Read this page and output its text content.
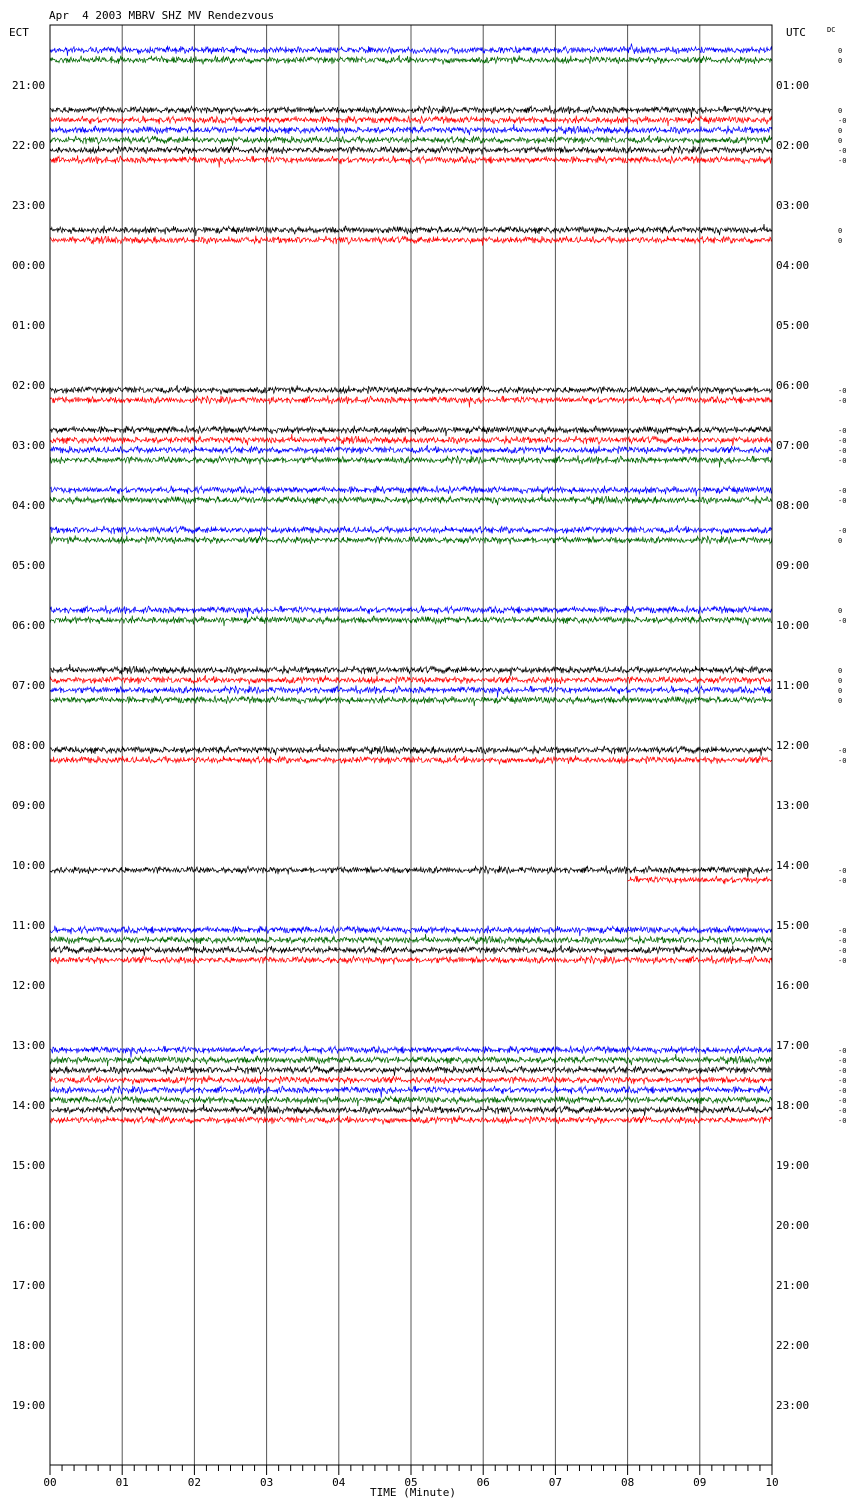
Apr  4 2003 MBRV SHZ MV Rendezvous
0
0
0
-0
0
0
-0
-0
0
0
-0
-0
-0
-0
-0
-0
-0
-0
-0
0
0
-0
0
0
0
0
-0
-0
-0
-0
-0
-0
-0
-0
-0
-0
-0
-0
-0
-0
-0
-0
21:00	01:00
22:00	02:00
23:00	03:00
00:00	04:00
01:00	05:00
02:00	06:00
03:00	07:00
04:00	08:00
05:00	09:00
06:00	10:00
07:00	11:00
08:00	12:00
09:00	13:00
10:00	14:00
11:00	15:00
12:00	16:00
13:00	17:00
14:00	18:00
15:00	19:00
16:00	20:00
17:00	21:00
18:00	22:00
19:00	23:00
ECT	UTC	DC
00	01	02	03	04	05	06	07	08	09	10
TIME (Minute)
